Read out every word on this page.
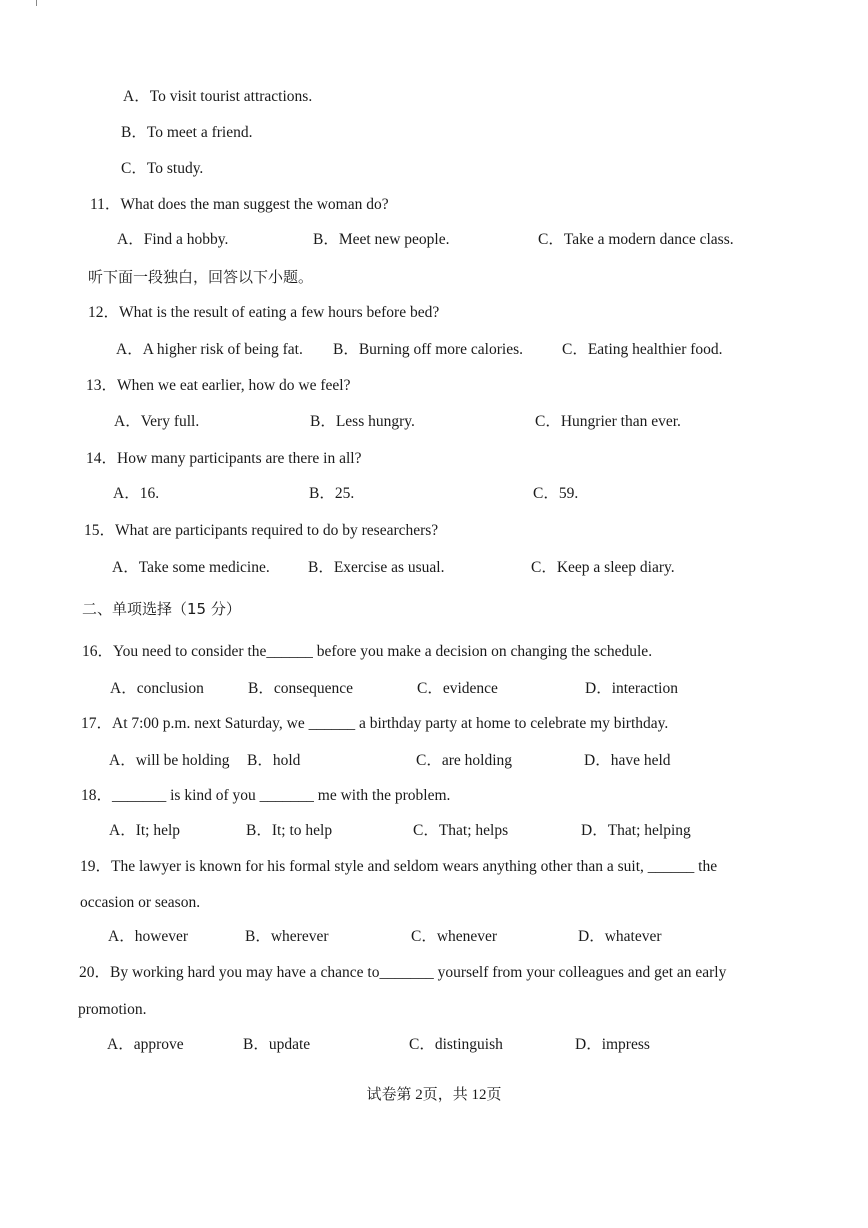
A．To visit tourist attractions.
B．To meet a friend.
C．To study.
11．What does the man suggest the woman do?
A．Find a hobby.	B．Meet new people.	C．Take a modern dance class.
听下面一段独白，回答以下小题。
12．What is the result of eating a few hours before bed?
A．A higher risk of being fat. B．Burning off more calories.	C．Eating healthier food.
13．When we eat earlier, how do we feel?
A．Very full.	B．Less hungry.	C．Hungrier than ever.
14．How many participants are there in all?
A．16.	B．25.	C．59.
15．What are participants required to do by researchers?
A．Take some medicine. B．Exercise as usual.	C．Keep a sleep diary.
二、单项选择（15 分）
16．You need to consider the______ before you make a decision on changing the schedule.
A．conclusion	B．consequence	C．evidence	D．interaction
17．At 7:00 p.m. next Saturday, we ______ a birthday party at home to celebrate my birthday.
A．will be holding B．hold	C．are holding	D．have held
18．_______ is kind of you _______ me with the problem.
A．It; help	B．It; to help	C．That; helps	D．That; helping
19．The lawyer is known for his formal style and seldom wears anything other than a suit, ______ the
occasion or season.
A．however	B．wherever	C．whenever	D．whatever
20．By working hard you may have a chance to_______ yourself from your colleagues and get an early
promotion.
A．approve	B．update	C．distinguish	D．impress
试卷第 2页，共 12页
